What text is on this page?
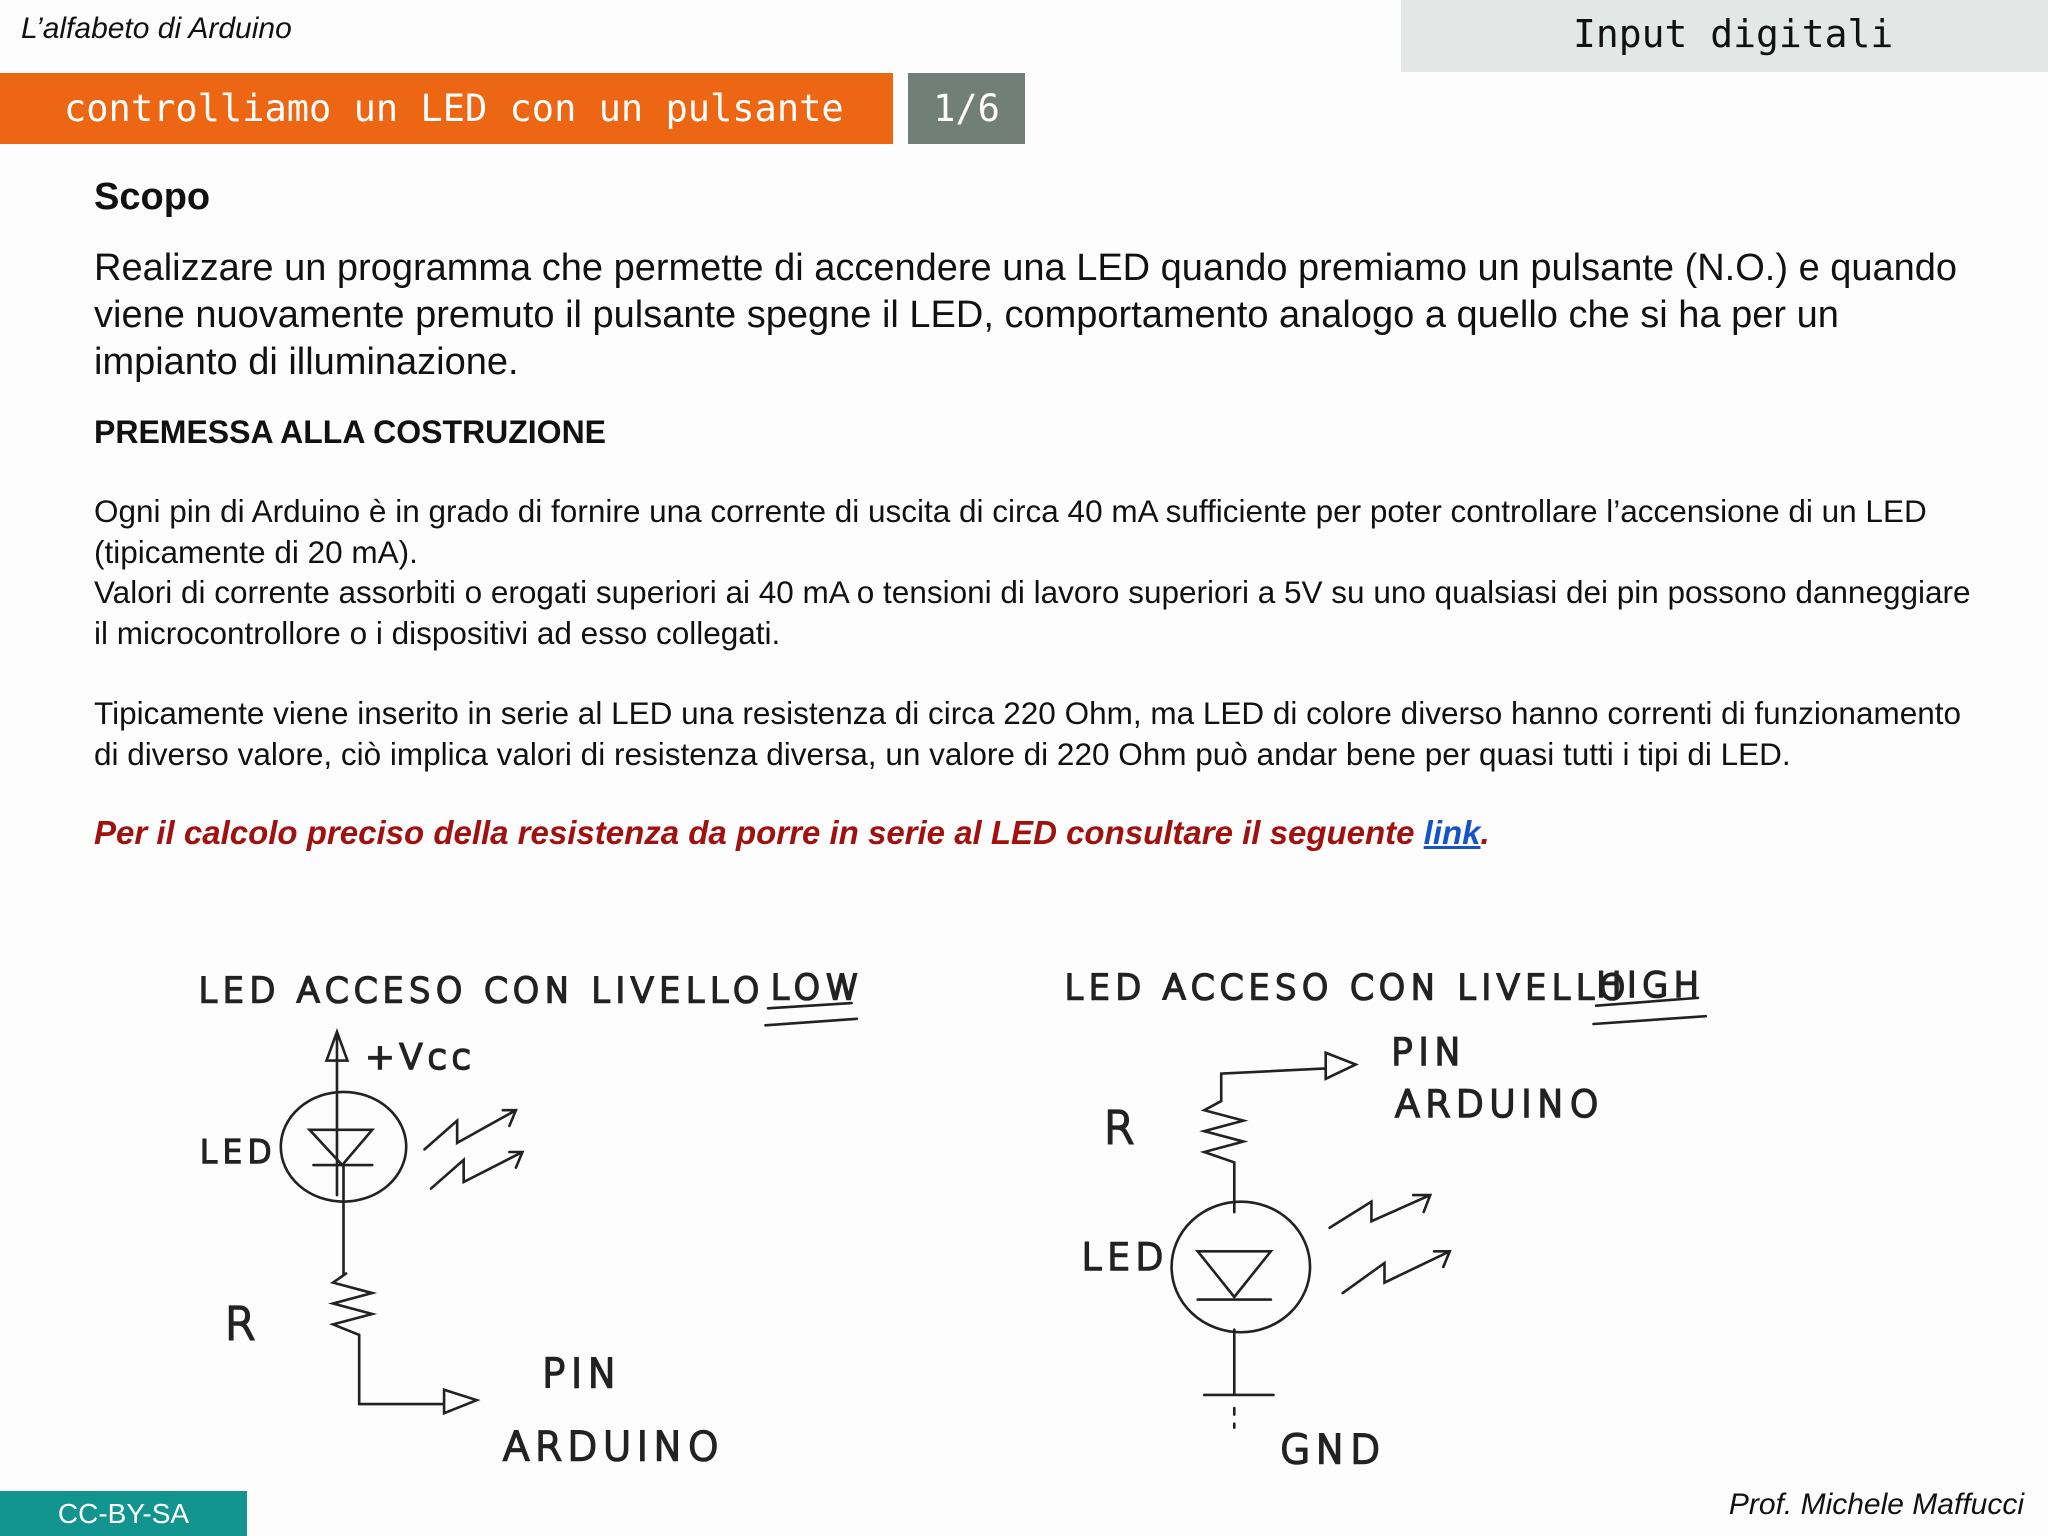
L’alfabeto di Arduino	Input digitali
controlliamo un LED con un pulsante	1/6
Scopo

Realizzare un programma che permette di accendere una LED quando premiamo un pulsante (N.O.) e quando viene nuovamente premuto il pulsante spegne il LED, comportamento analogo a quello che si ha per un impianto di illuminazione.

PREMESSA ALLA COSTRUZIONE

Ogni pin di Arduino è in grado di fornire una corrente di uscita di circa 40 mA sufficiente per poter controllare l’accensione di un LED (tipicamente di 20 mA).
Valori di corrente assorbiti o erogati superiori ai 40 mA o tensioni di lavoro superiori a 5V su uno qualsiasi dei pin possono danneggiare il microcontrollore o i dispositivi ad esso collegati.

Tipicamente viene inserito in serie al LED una resistenza di circa 220 Ohm, ma LED di colore diverso hanno correnti di funzionamento di diverso valore, ciò implica valori di resistenza diversa, un valore di 220 Ohm può andar bene per quasi tutti i tipi di LED.

Per il calcolo preciso della resistenza da porre in serie al LED consultare il seguente link.

LED ACCESO CON LIVELLO LOW
+Vcc
LED
R
PIN
ARDUINO
LED ACCESO CON LIVELLO
HIGH
PIN
ARDUINO
R
LED
GND
CC-BY-SA	Prof. Michele Maffucci
